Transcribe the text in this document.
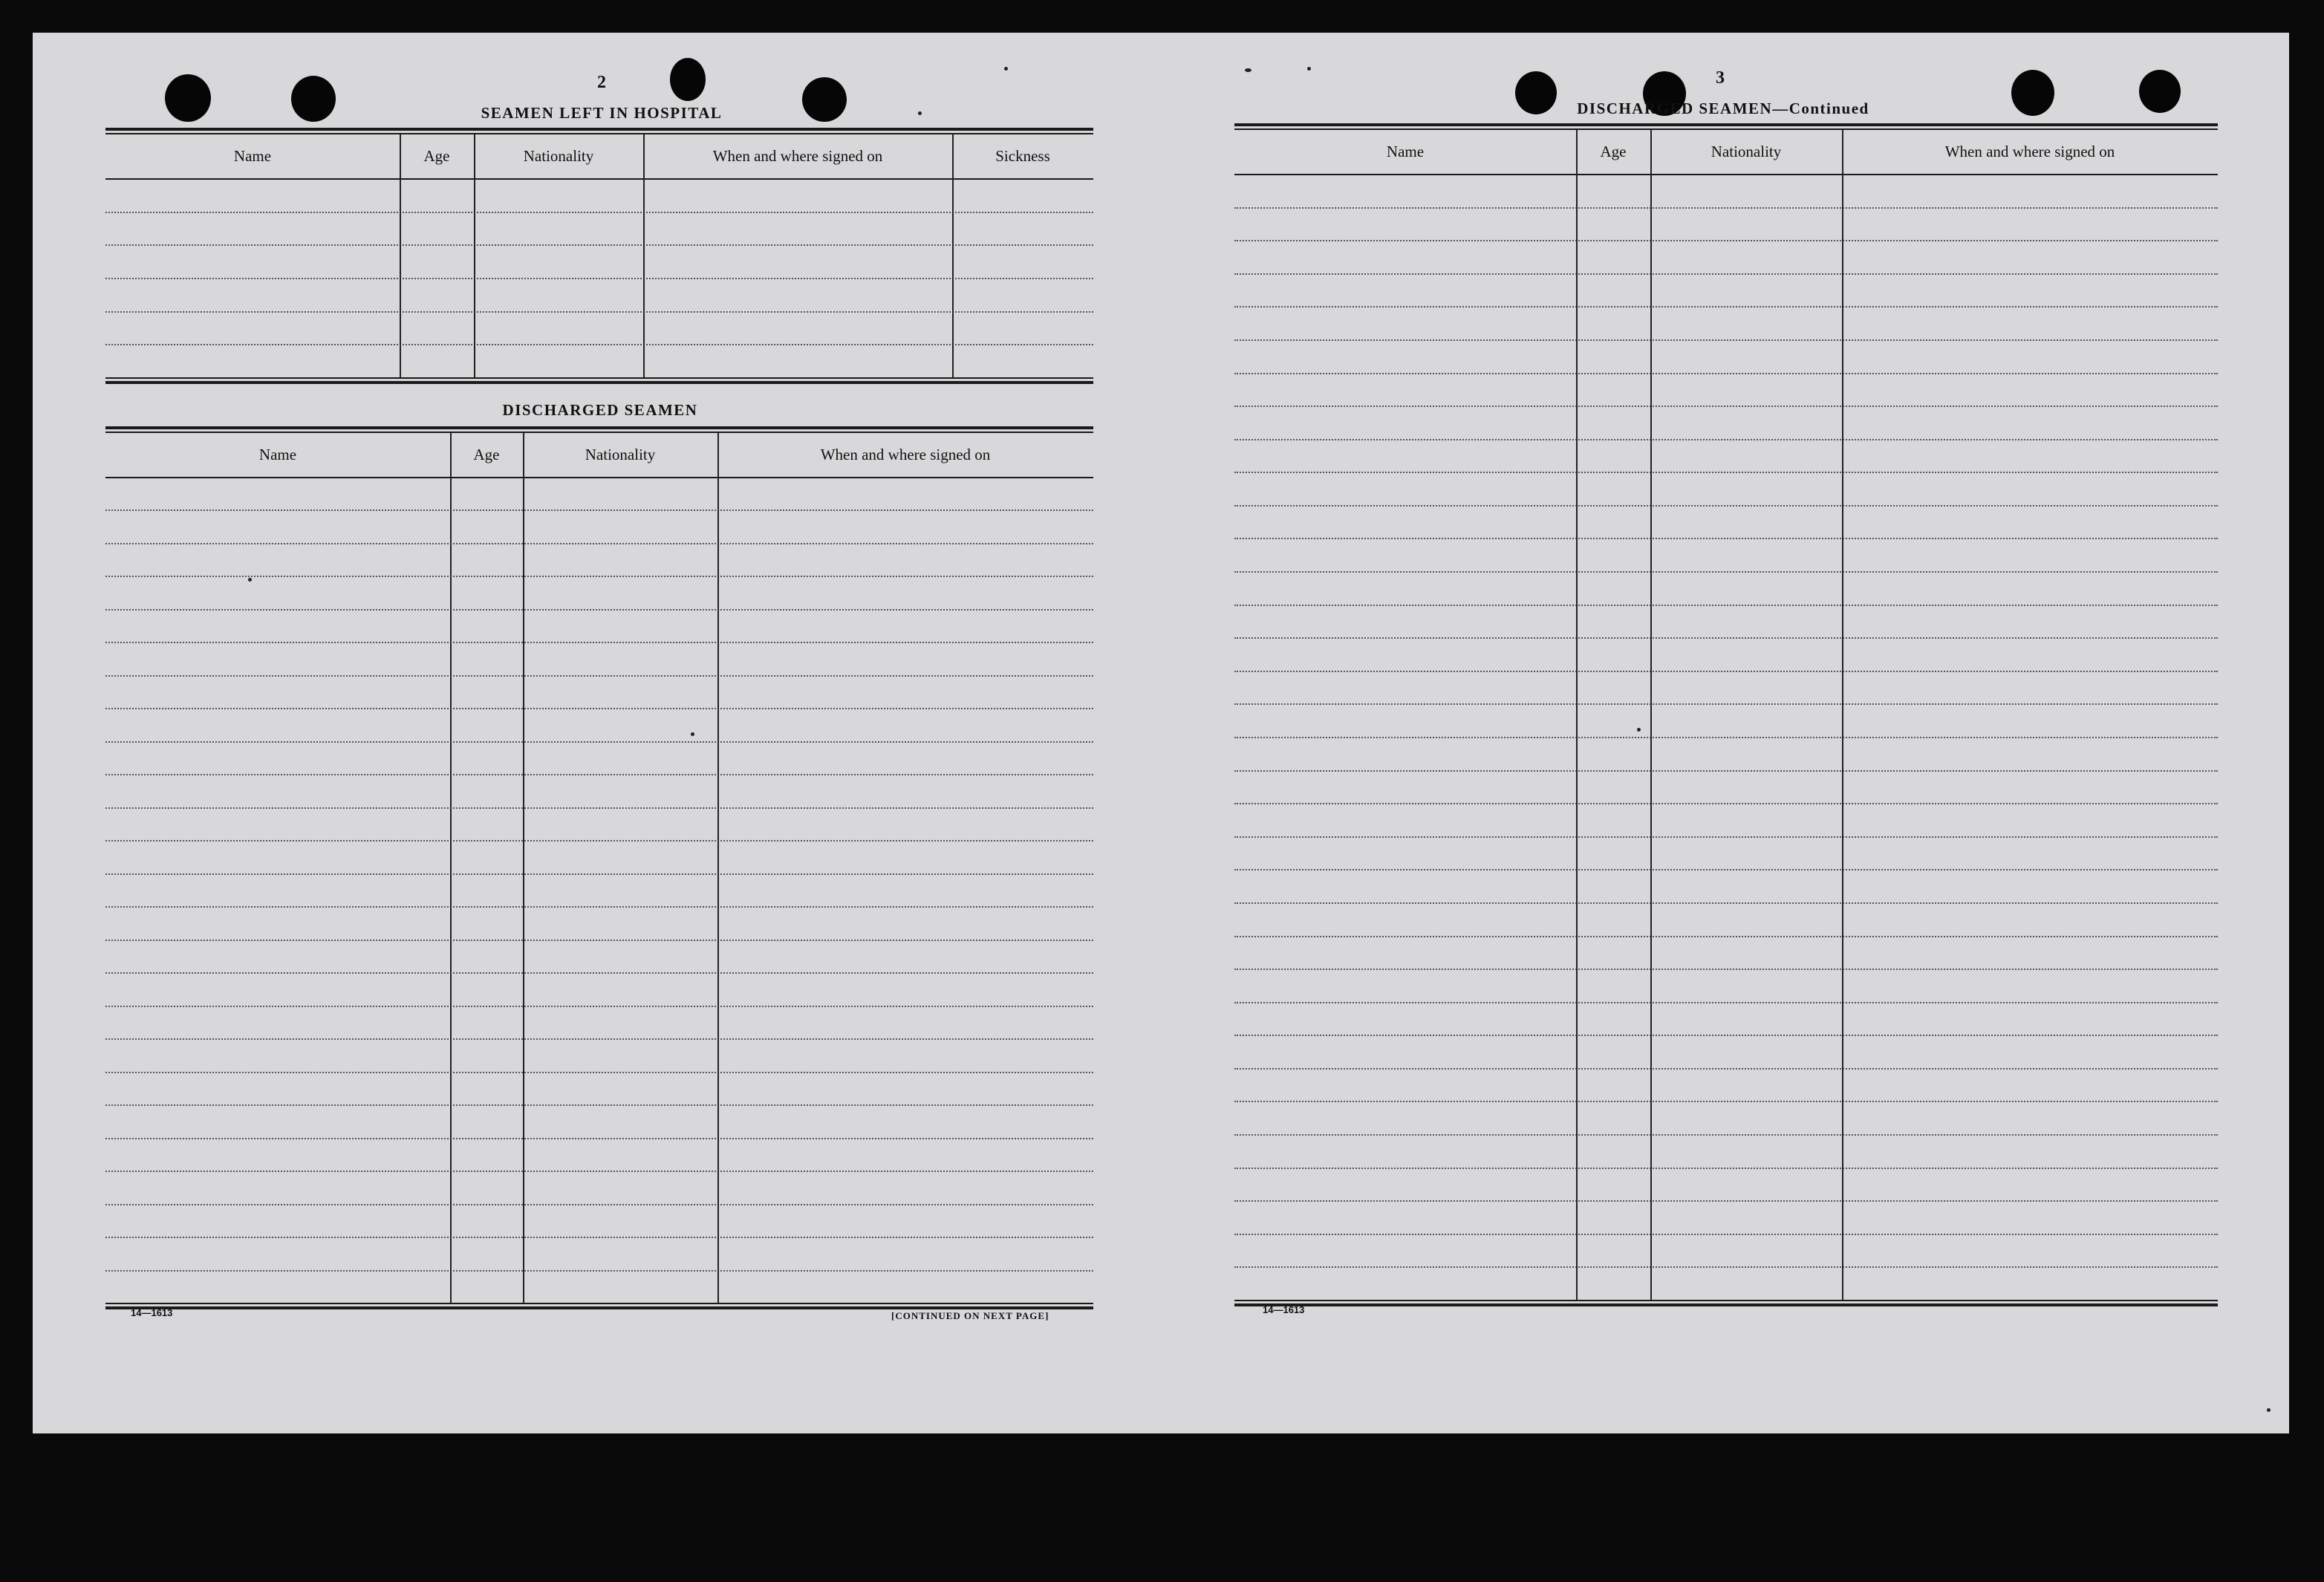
2
SEAMEN LEFT IN HOSPITAL
Name	Age	Nationality	When and where signed on	Sickness
DISCHARGED SEAMEN
Name	Age	Nationality	When and where signed on
14—1613	[CONTINUED ON NEXT PAGE]
3
DISCHARGED SEAMEN—Continued
Name	Age	Nationality	When and where signed on
14—1613
